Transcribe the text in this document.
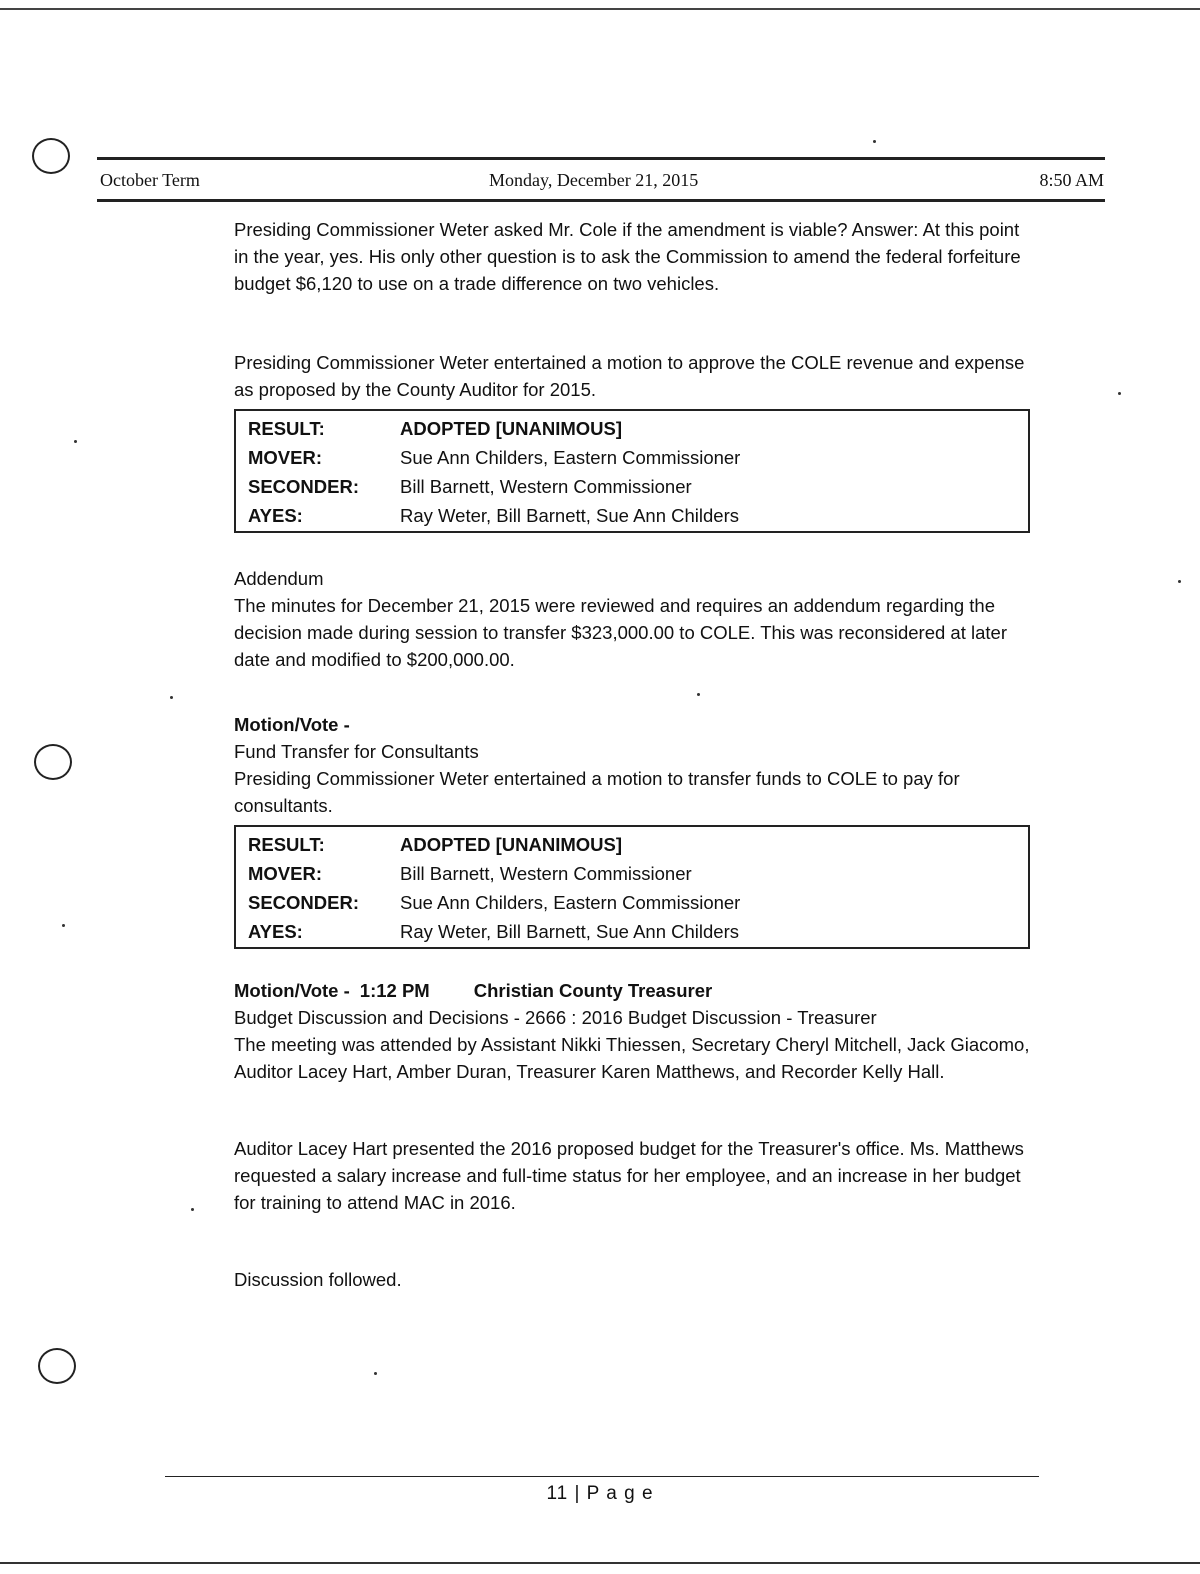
October Term	Monday, December 21, 2015	8:50 AM

Presiding Commissioner Weter asked Mr. Cole if the amendment is viable? Answer: At this point in the year, yes. His only other question is to ask the Commission to amend the federal forfeiture budget $6,120 to use on a trade difference on two vehicles.

Presiding Commissioner Weter entertained a motion to approve the COLE revenue and expense as proposed by the County Auditor for 2015.

RESULT:	ADOPTED [UNANIMOUS]
MOVER:	Sue Ann Childers, Eastern Commissioner
SECONDER:	Bill Barnett, Western Commissioner
AYES:	Ray Weter, Bill Barnett, Sue Ann Childers

Addendum

The minutes for December 21, 2015 were reviewed and requires an addendum regarding the decision made during session to transfer $323,000.00 to COLE. This was reconsidered at later date and modified to $200,000.00.

Motion/Vote -

Fund Transfer for Consultants

Presiding Commissioner Weter entertained a motion to transfer funds to COLE to pay for consultants.

RESULT:	ADOPTED [UNANIMOUS]
MOVER:	Bill Barnett, Western Commissioner
SECONDER:	Sue Ann Childers, Eastern Commissioner
AYES:	Ray Weter, Bill Barnett, Sue Ann Childers
Motion/Vote - 1:12 PM Christian County Treasurer

Budget Discussion and Decisions - 2666 : 2016 Budget Discussion - Treasurer

The meeting was attended by Assistant Nikki Thiessen, Secretary Cheryl Mitchell, Jack Giacomo, Auditor Lacey Hart, Amber Duran, Treasurer Karen Matthews, and Recorder Kelly Hall.

Auditor Lacey Hart presented the 2016 proposed budget for the Treasurer's office. Ms. Matthews requested a salary increase and full-time status for her employee, and an increase in her budget for training to attend MAC in 2016.

Discussion followed.

11 | P a g e
